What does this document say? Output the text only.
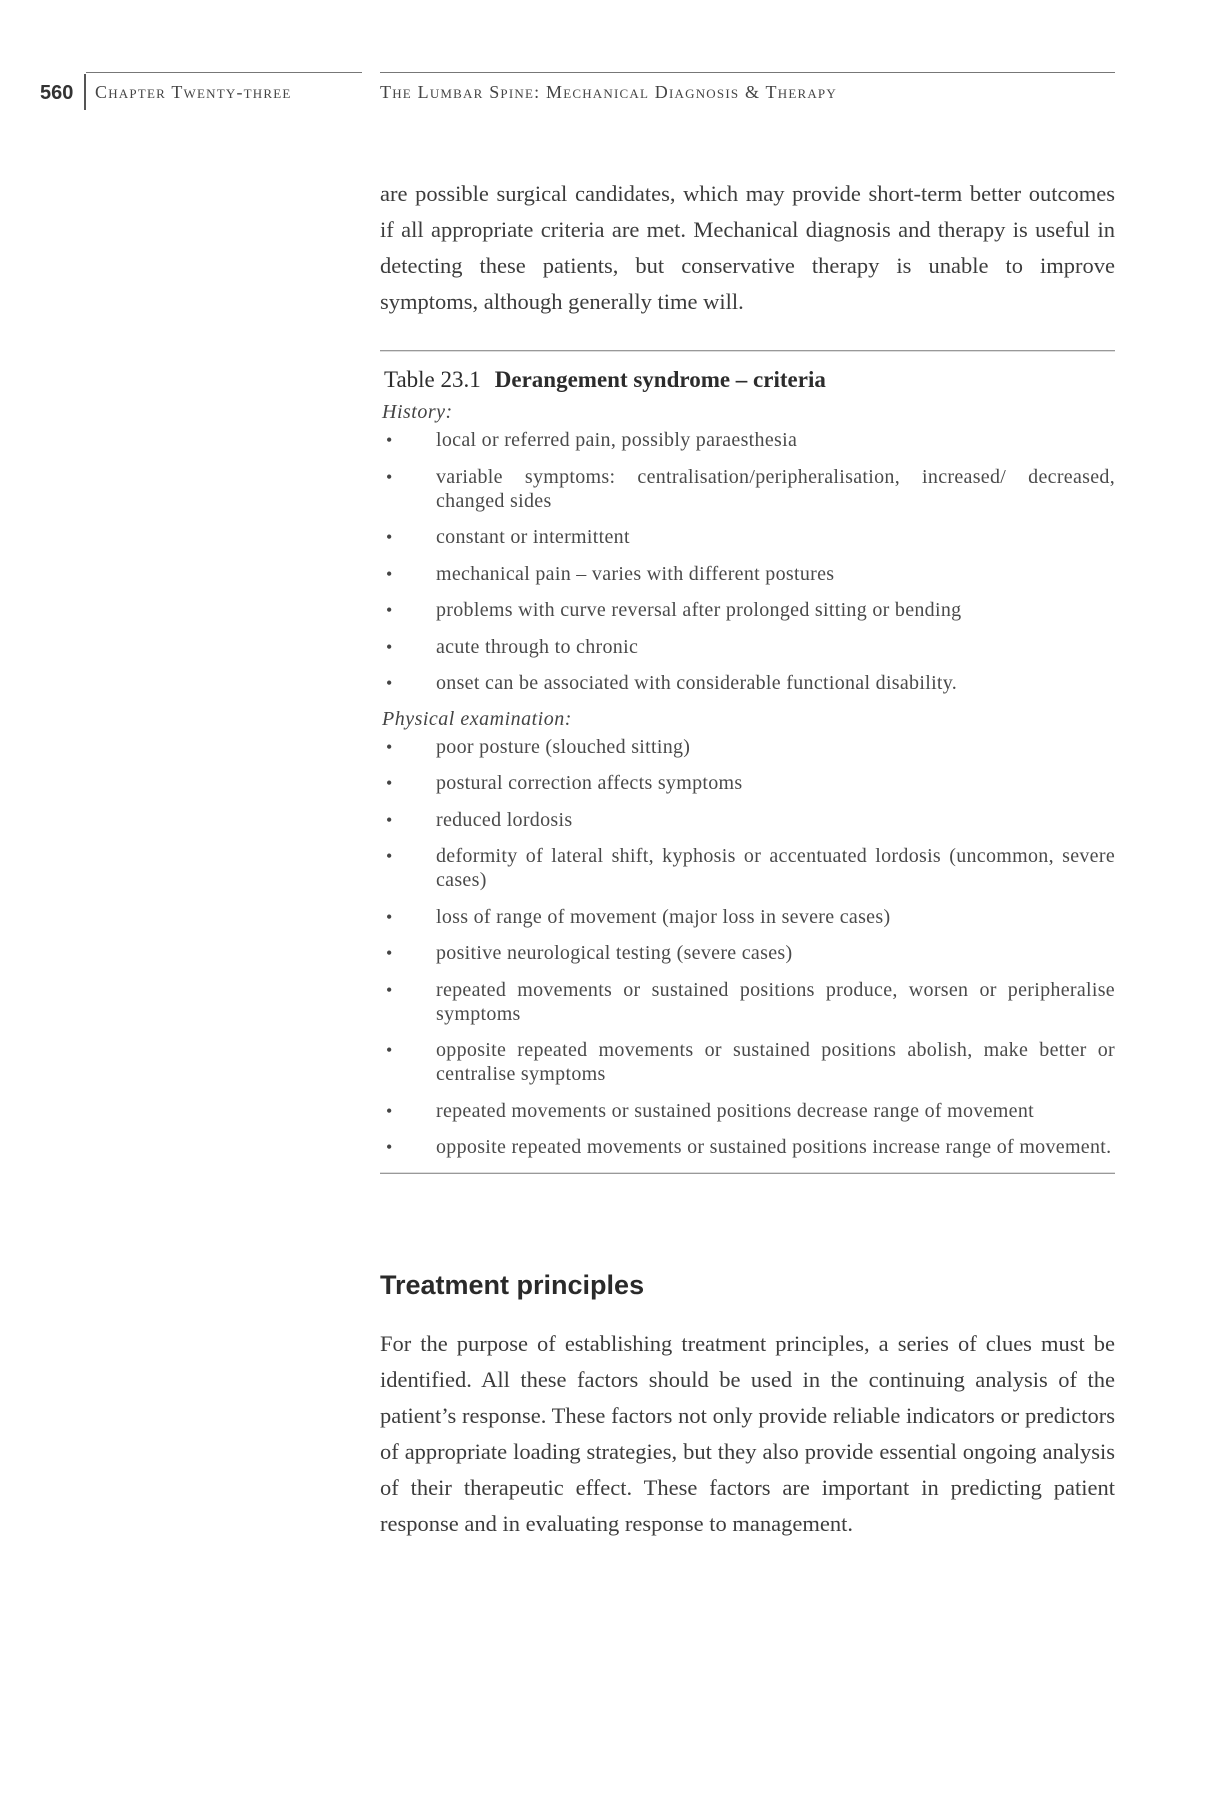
560 Chapter Twenty-three	The Lumbar Spine: Mechanical Diagnosis & Therapy

are possible surgical candidates, which may provide short-term better outcomes if all appropriate criteria are met. Mechanical diagnosis and therapy is useful in detecting these patients, but conservative therapy is unable to improve symptoms, although generally time will.

Table 23.1 Derangement syndrome – criteria
History:
• local or referred pain, possibly paraesthesia
• variable symptoms: centralisation/peripheralisation, increased/ decreased, changed sides
• constant or intermittent
• mechanical pain – varies with different postures
• problems with curve reversal after prolonged sitting or bending
• acute through to chronic
• onset can be associated with considerable functional disability.
Physical examination:
• poor posture (slouched sitting)
• postural correction affects symptoms
• reduced lordosis
• deformity of lateral shift, kyphosis or accentuated lordosis (uncommon, severe cases)
• loss of range of movement (major loss in severe cases)
• positive neurological testing (severe cases)
• repeated movements or sustained positions produce, worsen or peripheralise symptoms
• opposite repeated movements or sustained positions abolish, make better or centralise symptoms
• repeated movements or sustained positions decrease range of movement
• opposite repeated movements or sustained positions increase range of movement.
Treatment principles

For the purpose of establishing treatment principles, a series of clues must be identified. All these factors should be used in the continuing analysis of the patient’s response. These factors not only provide reliable indicators or predictors of appropriate loading strategies, but they also provide essential ongoing analysis of their therapeutic effect. These factors are important in predicting patient response and in evaluating response to management.
